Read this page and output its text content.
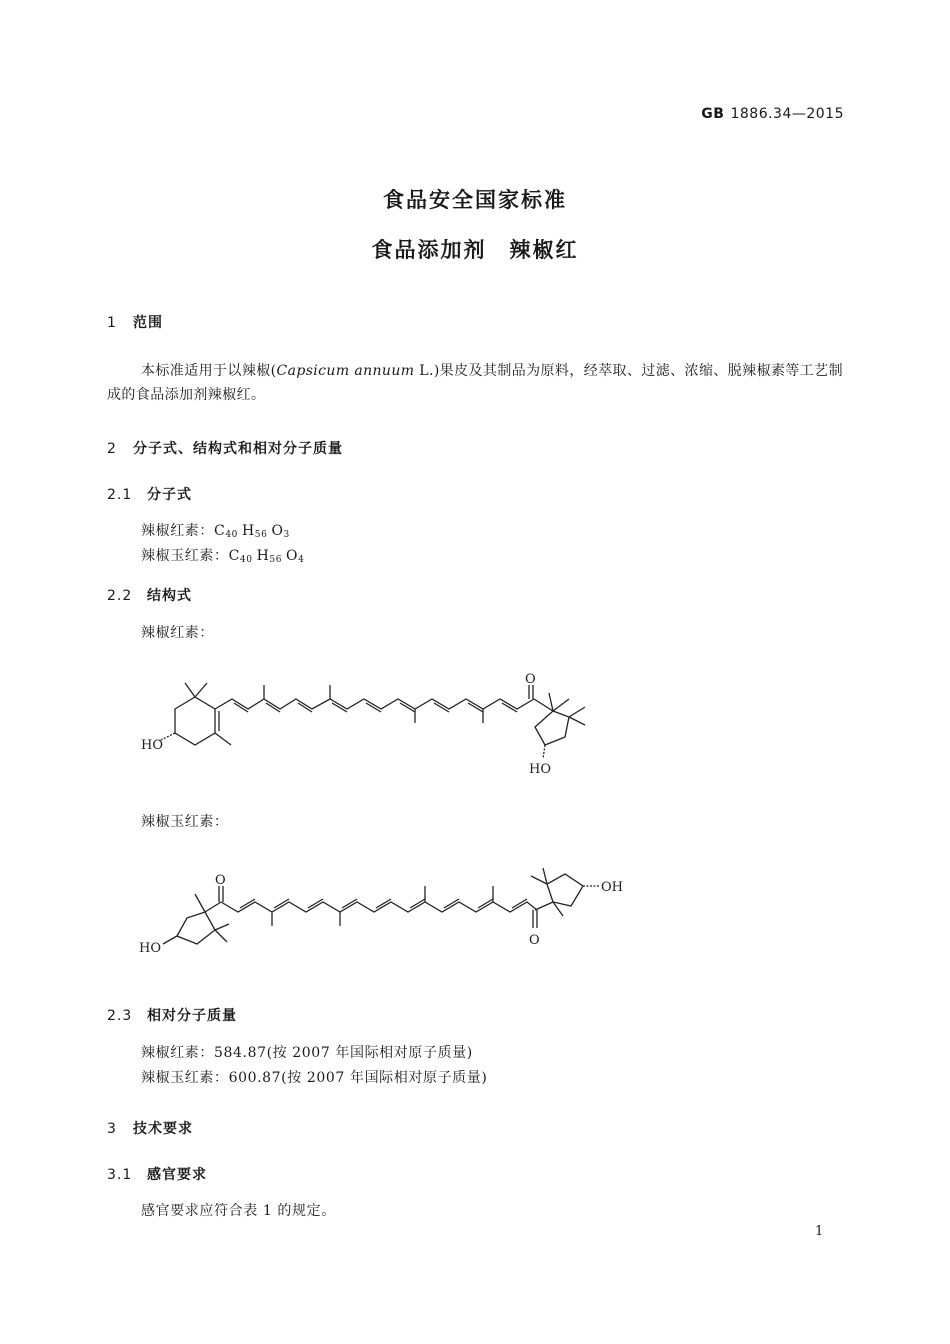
GB 1886.34—2015
食品安全国家标准
食品添加剂　辣椒红
1 范围
本标准适用于以辣椒(Capsicum annuum L.)果皮及其制品为原料，经萃取、过滤、浓缩、脱辣椒素等工艺制成的食品添加剂辣椒红。
2 分子式、结构式和相对分子质量
2.1 分子式
辣椒红素：$C_{40}$ $H_{56}$ $O_3$
辣椒玉红素：$C_{40}$ $H_{56}$ $O_4$
2.2 结构式
辣椒红素：
HO
O
HO
辣椒玉红素：
HO
O
O
OH
2.3 相对分子质量
辣椒红素：584.87(按 2007 年国际相对原子质量)
辣椒玉红素：600.87(按 2007 年国际相对原子质量)
3 技术要求
3.1 感官要求
感官要求应符合表 1 的规定。
1
